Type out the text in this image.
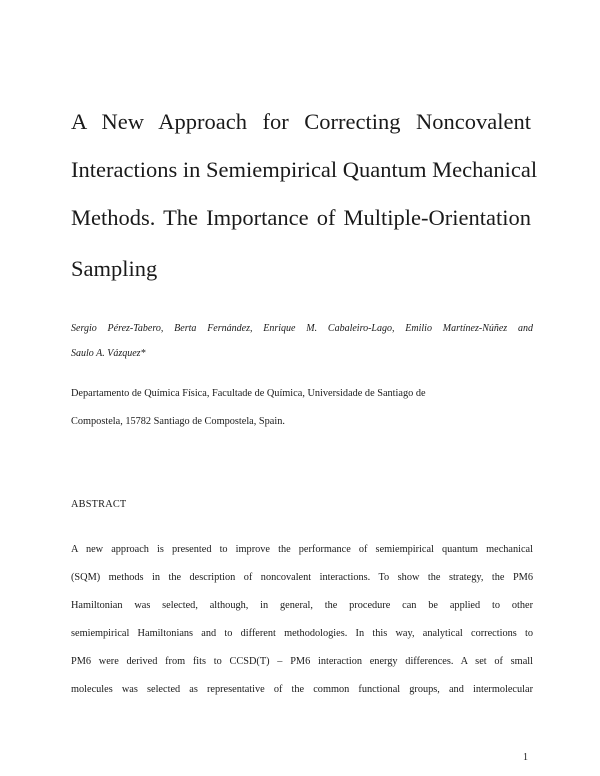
A New Approach for Correcting Noncovalent
Interactions in Semiempirical Quantum Mechanical
Methods. The Importance of Multiple-Orientation
Sampling
Sergio Pérez-Tabero, Berta Fernández, Enrique M. Cabaleiro-Lago, Emilio Martínez-Núñez and
Saulo A. Vázquez*
Departamento de Química Física, Facultade de Química, Universidade de Santiago de
Compostela, 15782 Santiago de Compostela, Spain.
ABSTRACT
A new approach is presented to improve the performance of semiempirical quantum mechanical
(SQM) methods in the description of noncovalent interactions. To show the strategy, the PM6
Hamiltonian was selected, although, in general, the procedure can be applied to other
semiempirical Hamiltonians and to different methodologies. In this way, analytical corrections to
PM6 were derived from fits to CCSD(T) – PM6 interaction energy differences. A set of small
molecules was selected as representative of the common functional groups, and intermolecular
1
